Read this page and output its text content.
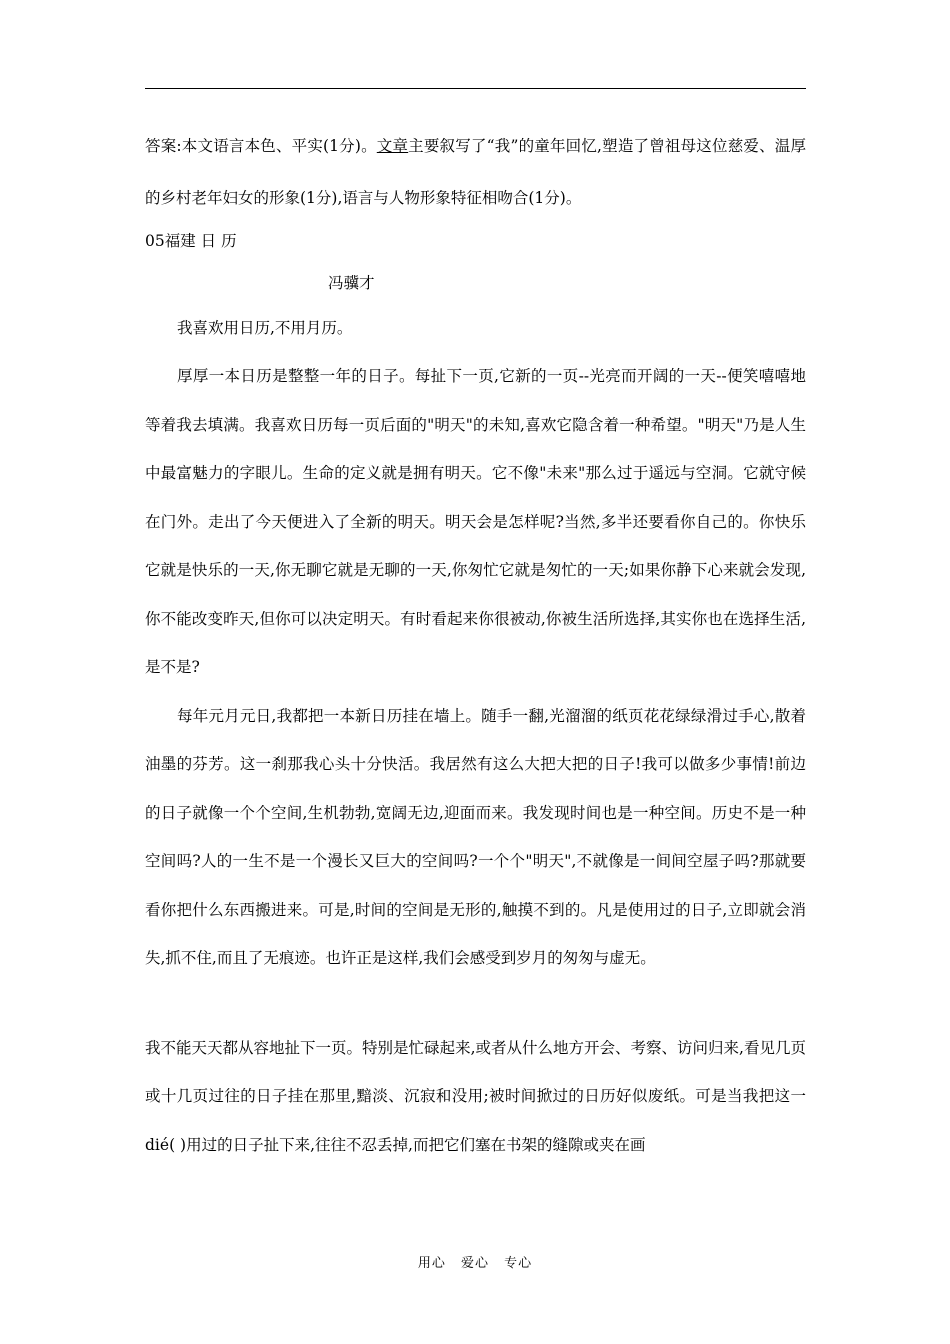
答案:本文语言本色、平实(1分)。文章主要叙写了“我”的童年回忆,塑造了曾祖母这位慈爱、温厚的乡村老年妇女的形象(1分),语言与人物形象特征相吻合(1分)。

05福建 日 历

冯骥才

我喜欢用日历,不用月历。

厚厚一本日历是整整一年的日子。每扯下一页,它新的一页--光亮而开阔的一天--便笑嘻嘻地等着我去填满。我喜欢日历每一页后面的"明天"的未知,喜欢它隐含着一种希望。"明天"乃是人生中最富魅力的字眼儿。生命的定义就是拥有明天。它不像"未来"那么过于遥远与空洞。它就守候在门外。走出了今天便进入了全新的明天。明天会是怎样呢?当然,多半还要看你自己的。你快乐它就是快乐的一天,你无聊它就是无聊的一天,你匆忙它就是匆忙的一天;如果你静下心来就会发现,你不能改变昨天,但你可以决定明天。有时看起来你很被动,你被生活所选择,其实你也在选择生活,是不是?

每年元月元日,我都把一本新日历挂在墙上。随手一翻,光溜溜的纸页花花绿绿滑过手心,散着油墨的芬芳。这一刹那我心头十分快活。我居然有这么大把大把的日子!我可以做多少事情!前边的日子就像一个个空间,生机勃勃,宽阔无边,迎面而来。我发现时间也是一种空间。历史不是一种空间吗?人的一生不是一个漫长又巨大的空间吗?一个个"明天",不就像是一间间空屋子吗?那就要看你把什么东西搬进来。可是,时间的空间是无形的,触摸不到的。凡是使用过的日子,立即就会消失,抓不住,而且了无痕迹。也许正是这样,我们会感受到岁月的匆匆与虚无。

我不能天天都从容地扯下一页。特别是忙碌起来,或者从什么地方开会、考察、访问归来,看见几页或十几页过往的日子挂在那里,黯淡、沉寂和没用;被时间掀过的日历好似废纸。可是当我把这一dié( )用过的日子扯下来,往往不忍丢掉,而把它们塞在书架的缝隙或夹在画

用心 爱心 专心
